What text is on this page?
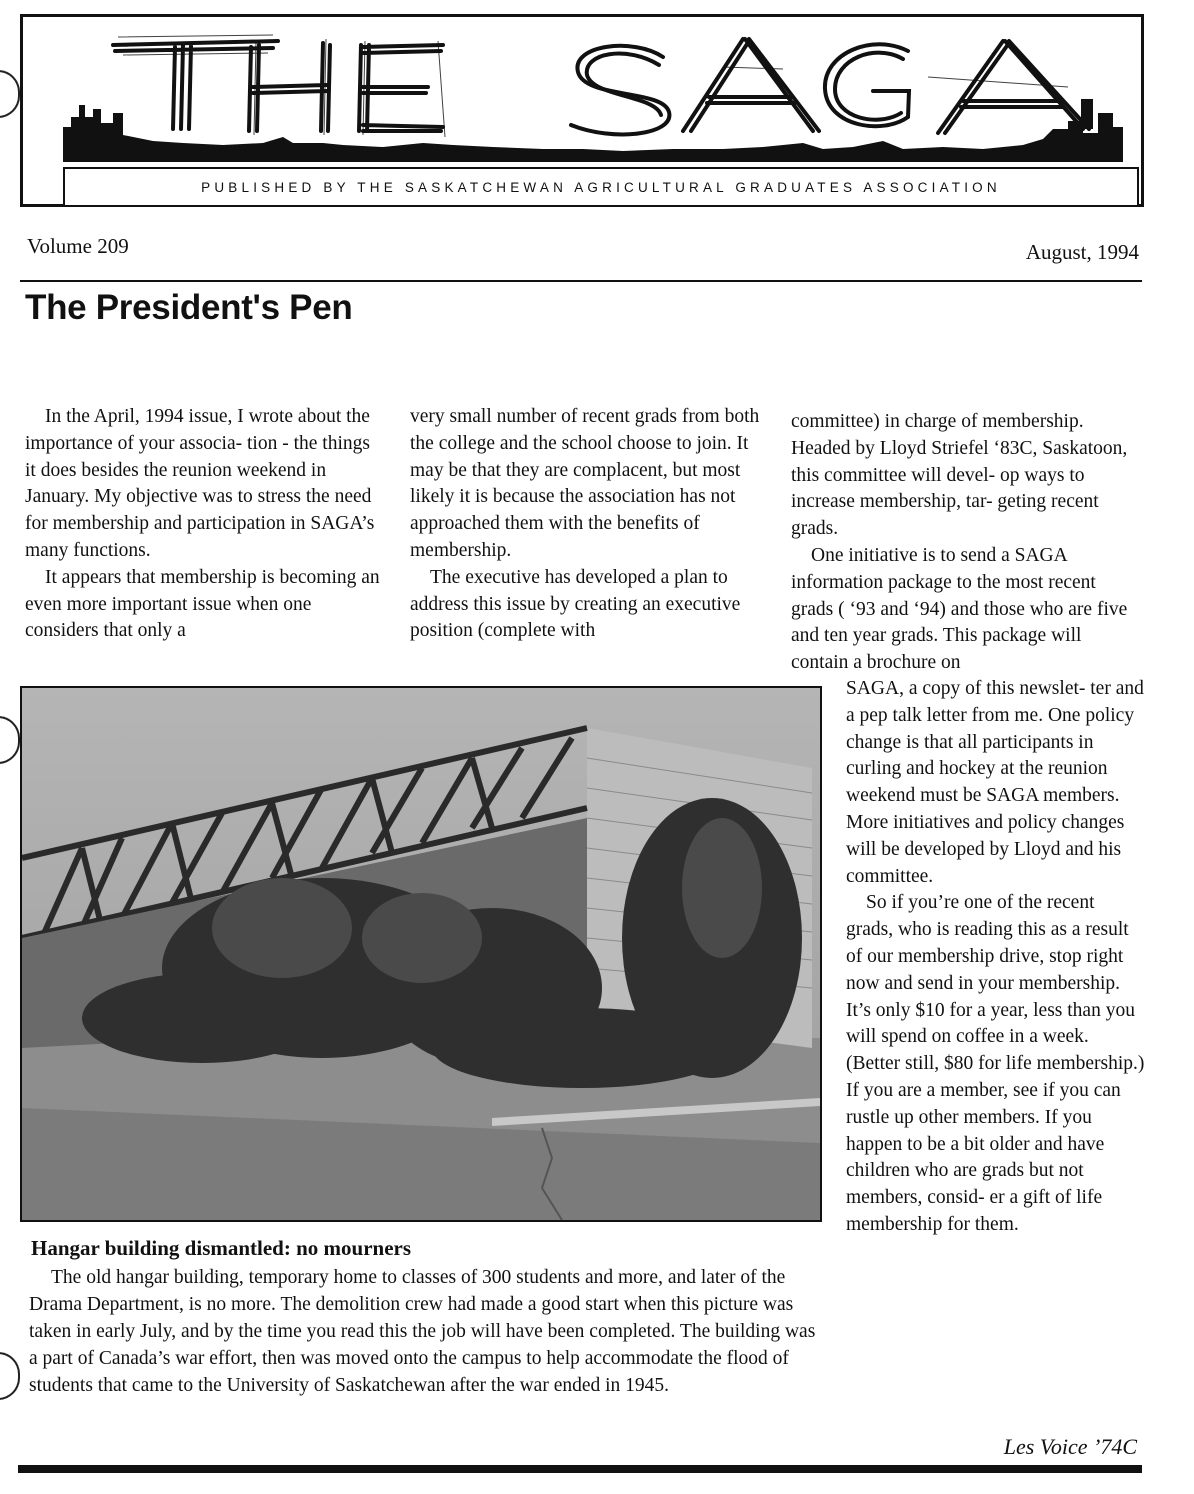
PUBLISHED BY THE SASKATCHEWAN AGRICULTURAL GRADUATES ASSOCIATION
Volume 209	August, 1994
The President's Pen

In the April, 1994 issue, I wrote about the importance of your associa- tion - the things it does besides the reunion weekend in January. My objective was to stress the need for membership and participation in SAGA’s many functions.

It appears that membership is becoming an even more important issue when one considers that only a

very small number of recent grads from both the college and the school choose to join. It may be that they are complacent, but most likely it is because the association has not approached them with the benefits of membership.

The executive has developed a plan to address this issue by creating an executive position (complete with

committee) in charge of membership. Headed by Lloyd Striefel ‘83C, Saskatoon, this committee will devel- op ways to increase membership, tar- geting recent grads.

One initiative is to send a SAGA information package to the most recent grads ( ‘93 and ‘94) and those who are five and ten year grads. This package will contain a brochure on

SAGA, a copy of this newslet- ter and a pep talk letter from me. One policy change is that all participants in curling and hockey at the reunion weekend must be SAGA members. More initiatives and policy changes will be developed by Lloyd and his committee.

So if you’re one of the recent grads, who is reading this as a result of our membership drive, stop right now and send in your membership. It’s only $10 for a year, less than you will spend on coffee in a week. (Better still, $80 for life membership.) If you are a member, see if you can rustle up other members. If you happen to be a bit older and have children who are grads but not members, consid- er a gift of life membership for them.

Hangar building dismantled: no mourners

The old hangar building, temporary home to classes of 300 students and more, and later of the Drama Department, is no more. The demolition crew had made a good start when this picture was taken in early July, and by the time you read this the job will have been completed. The building was a part of Canada’s war effort, then was moved onto the campus to help accommodate the flood of students that came to the University of Saskatchewan after the war ended in 1945.

Les Voice ’74C
